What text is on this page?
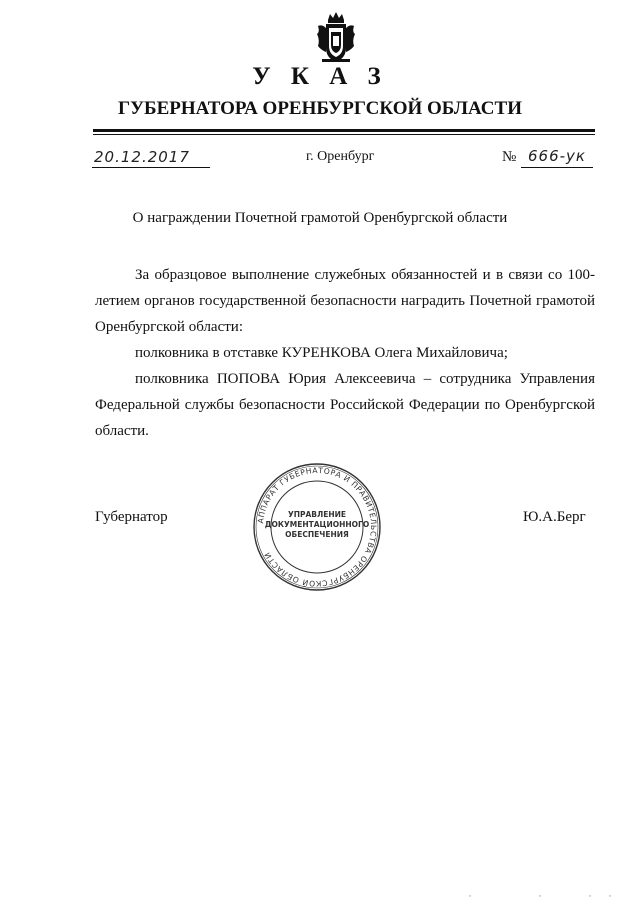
У К А З
ГУБЕРНАТОРА ОРЕНБУРГСКОЙ ОБЛАСТИ
20.12.2017	г. Оренбург	№ 666-ук
О награждении Почетной грамотой Оренбургской области

За образцовое выполнение служебных обязанностей и в связи со 100-летием органов государственной безопасности наградить Почетной грамотой Оренбургской области:

полковника в отставке КУРЕНКОВА Олега Михайловича;

полковника ПОПОВА Юрия Алексеевича – сотрудника Управления Федеральной службы безопасности Российской Федерации по Оренбургской области.

Губернатор	Ю.А.Берг
АППАРАТ ГУБЕРНАТОРА И ПРАВИТЕЛЬСТВА ОРЕНБУРГСКОЙ ОБЛАСТИ
УПРАВЛЕНИЕ
ДОКУМЕНТАЦИОННОГО
ОБЕСПЕЧЕНИЯ
